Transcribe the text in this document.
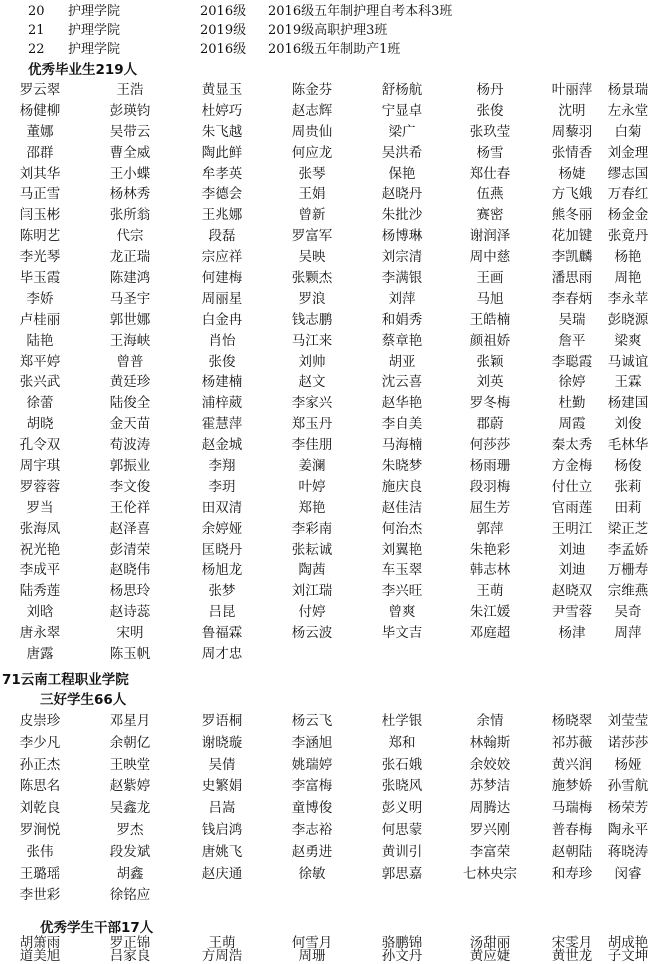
20 护理学院	2016级 2016级五年制护理自考本科3班
21 护理学院	2019级 2019级高职护理3班
22 护理学院	2016级 2016级五年制助产1班
优秀毕业生219人
罗云翠	王浩	黄显玉	陈金芬	舒杨航	杨丹	叶丽萍	杨景瑞
杨健柳	彭瑛钧	杜婷巧	赵志辉	宁显卓	张俊	沈明	左永堂
董娜	吴带云	朱飞越	周贵仙	梁广	张玖莹	周藜羽	白菊
邵群	曹全威	陶此鲜	何应龙	吴洪希	杨雪	张情香	刘金理
刘其华	王小蝶	牟孝英	张琴	保艳	郑仕春	杨婕	缪志国
马正雪	杨林秀	李德会	王娟	赵晓丹	伍燕	方飞娥	万春红
闫玉彬	张所翁	王兆娜	曾新	朱批沙	赛密	熊冬丽	杨金金
陈明艺	代宗	段磊	罗富军	杨博琳	谢润泽	花加键	张竟丹
李光琴	龙正瑞	宗应祥	吴映	刘宗清	周中慈	李凯麟	杨艳
毕玉霞	陈建鸿	何建梅	张颗杰	李满银	王画	潘思雨	周艳
李娇	马圣宇	周丽星	罗浪	刘萍	马旭	李春炳	李永苹
卢桂丽	郭世娜	白金冉	钱志鹏	和娟秀	王皓楠	吴瑞	彭晓源
陆艳	王海峡	肖怡	马江来	蔡章艳	颜祖娇	詹平	梁爽
郑平婷	曾普	张俊	刘帅	胡亚	张颖	李聪霞	马诚谊
张兴武	黄廷珍	杨建楠	赵文	沈云喜	刘英	徐婷	王霖
徐蕾	陆俊全	浦梓葳	李家兴	赵华艳	罗冬梅	杜勤	杨建国
胡晓	金天苗	霍慧萍	郑玉丹	李自美	郡蔚	周霞	刘俊
孔令双	荀波涛	赵金城	李佳朋	马海楠	何莎莎	秦太秀	毛林华
周宇琪	郭振业	李翔	姜澜	朱晓梦	杨雨珊	方金梅	杨俊
罗蓉蓉	李文俊	李玥	叶婷	施庆良	段羽梅	付仕立	张莉
罗当	王伦祥	田双清	郑艳	赵佳洁	屈生芳	官雨莲	田莉
张海凤	赵泽喜	余婷娅	李彩南	何治杰	郭萍	王明江	梁正芝
祝光艳	彭清荣	匡晓丹	张耘诚	刘翼艳	朱艳彩	刘迪	李孟娇
李成平	赵晓伟	杨旭龙	陶茜	车玉翠	韩志林	刘迪	万栅寿
陆秀莲	杨思玲	张梦	刘江瑞	李兴旺	王萌	赵晓双	宗维燕
刘晗	赵诗蕊	吕昆	付婷	曾爽	朱江媛	尹雪蓉	吴奇
唐永翠	宋明	鲁福霖	杨云波	毕文吉	邓庭超	杨津	周萍
唐露	陈玉帆	周才忠
71云南工程职业学院
三好学生66人
皮崇珍	邓星月	罗语桐	杨云飞	杜学银	余情	杨晓翠	刘莹莹
李少凡	余朝亿	谢晓璇	李涵旭	郑和	林翰斯	祁苏薇	诺莎莎
孙正杰	王映堂	吴倩	姚瑞婷	张石娥	余姣姣	黄兴润	杨娅
陈思名	赵紫婷	史繁娟	李富梅	张晓风	苏梦洁	施梦娇	孙雪航
刘乾良	吴鑫龙	吕嵩	童博俊	彭义明	周腾达	马瑞梅	杨荣芳
罗涧悦	罗杰	钱启鸿	李志裕	何思蒙	罗兴刚	普春梅	陶永平
张伟	段发斌	唐姚飞	赵勇进	黄训引	李富荣	赵朝陆	蒋晓涛
王璐瑶	胡鑫	赵庆通	徐敏	郭思嘉	七林央宗	和寿珍	闵睿
李世彩	徐铭应
优秀学生干部17人
胡箫雨	罗正锦	王萌	何雪月	骆鹏锦	汤甜丽	宋雯月	胡成艳
道美旭	吕家良	方周浩	周珊	孙文丹	黄应婕	黄世龙	子文坤
